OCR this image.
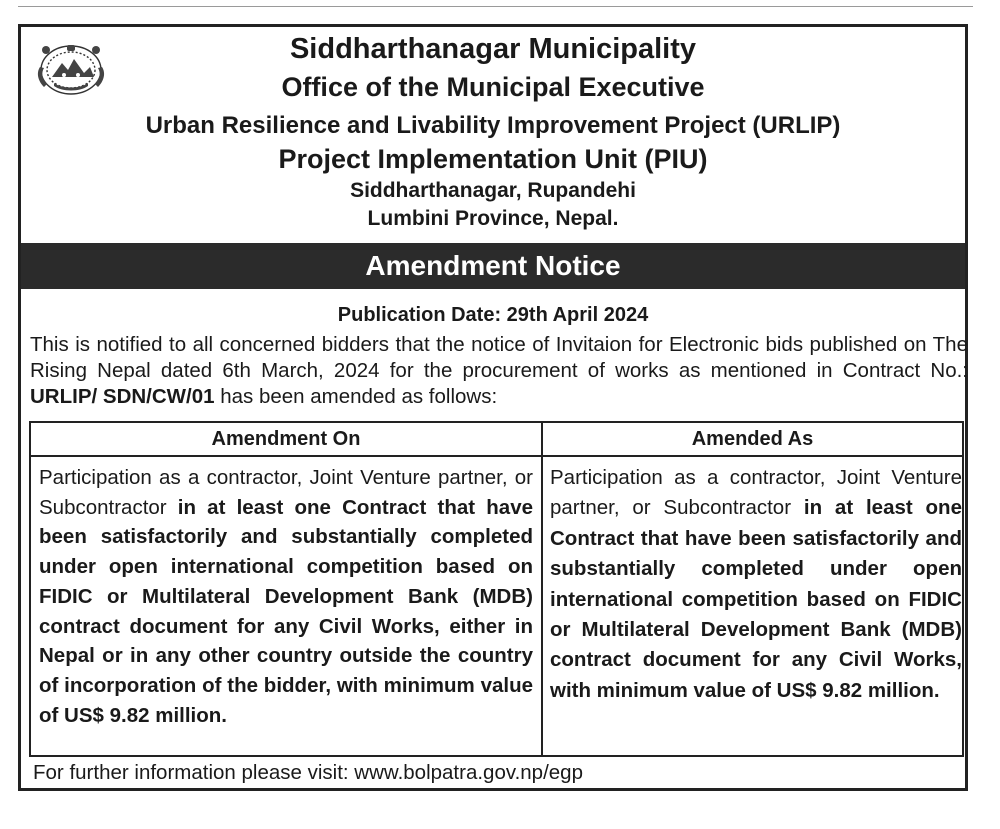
Siddharthanagar Municipality
Office of the Municipal Executive
Urban Resilience and Livability Improvement Project (URLIP)
Project Implementation Unit (PIU)
Siddharthanagar, Rupandehi
Lumbini Province, Nepal.
Amendment Notice
Publication Date: 29th April 2024
This is notified to all concerned bidders that the notice of Invitaion for Electronic bids published on The Rising Nepal dated 6th March, 2024 for the procurement of works as mentioned in Contract No.: URLIP/ SDN/CW/01 has been amended as follows:
Amendment On	Amended As
Participation as a contractor, Joint Venture partner, or Subcontractor in at least one Contract that have been satisfactorily and substantially completed under open international competition based on FIDIC or Multilateral Development Bank (MDB) contract document for any Civil Works, either in Nepal or in any other country outside the country of incorporation of the bidder, with minimum value of US$ 9.82 million.
Participation as a contractor, Joint Venture partner, or Subcontractor in at least one Contract that have been satisfactorily and substantially completed under open international competition based on FIDIC or Multilateral Development Bank (MDB) contract document for any Civil Works, with minimum value of US$ 9.82 million.
For further information please visit: www.bolpatra.gov.np/egp
